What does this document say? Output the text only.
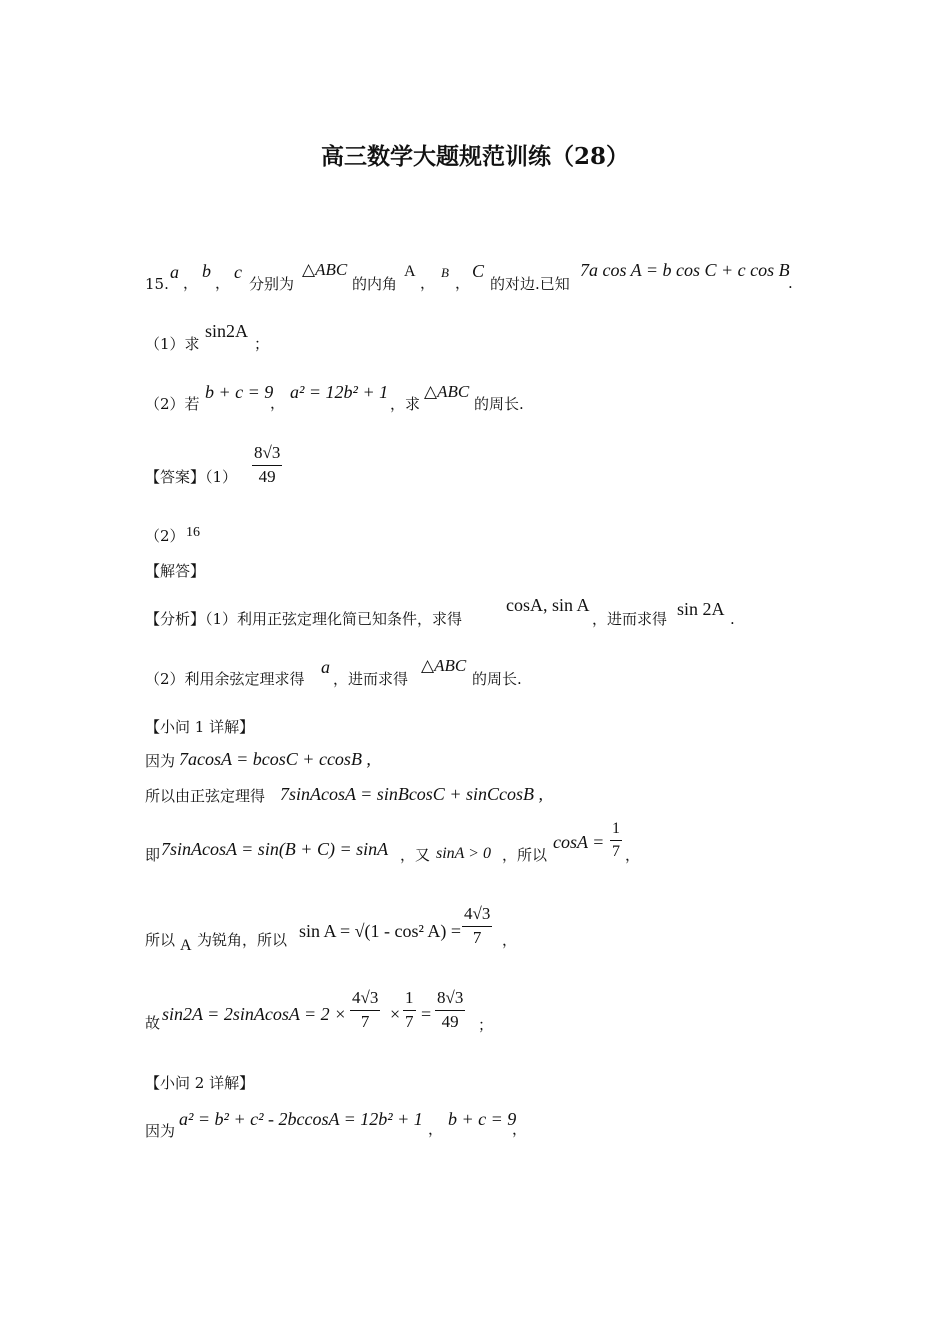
高三数学大题规范训练（28）
15.
a
，
b
，
c
分别为
△ABC
的内角
A
，
B
，
C
的对边.已知
7a cos A = b cos C + c cos B
.
（1）求
sin2A
；
（2）若
b + c = 9
，
a² = 12b² + 1
，求
△ABC
的周长.
【答案】$(1) \frac{8√3}{49}$
（2） 16
【解答】
【分析】（1）利用正弦定理化简已知条件，求得
cosA, sin A
，进而求得 sin 2A .
（2）利用余弦定理求得
a
，进而求得
△ABC
的周长.
【小问 1 详解】
因为 7acosA = bcosC + ccosB ,
所以由正弦定理得 7sinAcosA = sinBcosC + sinCcosB ,
即 7sinAcosA = sin(B + C) = sinA ，又 sinA > 0 ，所以
$\cos A = \frac{1}{7}$ ，
所以 A 为锐角，所以 sin A = √(1 - cos² $A) = \frac{4√3}{7}$ ，
故 sin2A = 2sinAcosA = $2 \times \frac{4√3}{7} \times \frac{1}{7} = \frac{8√3}{49}$ ；
【小问 2 详解】
因为
a² = b² + c² - 2bccosA = 12b² + 1 ， b + c = 9
，
